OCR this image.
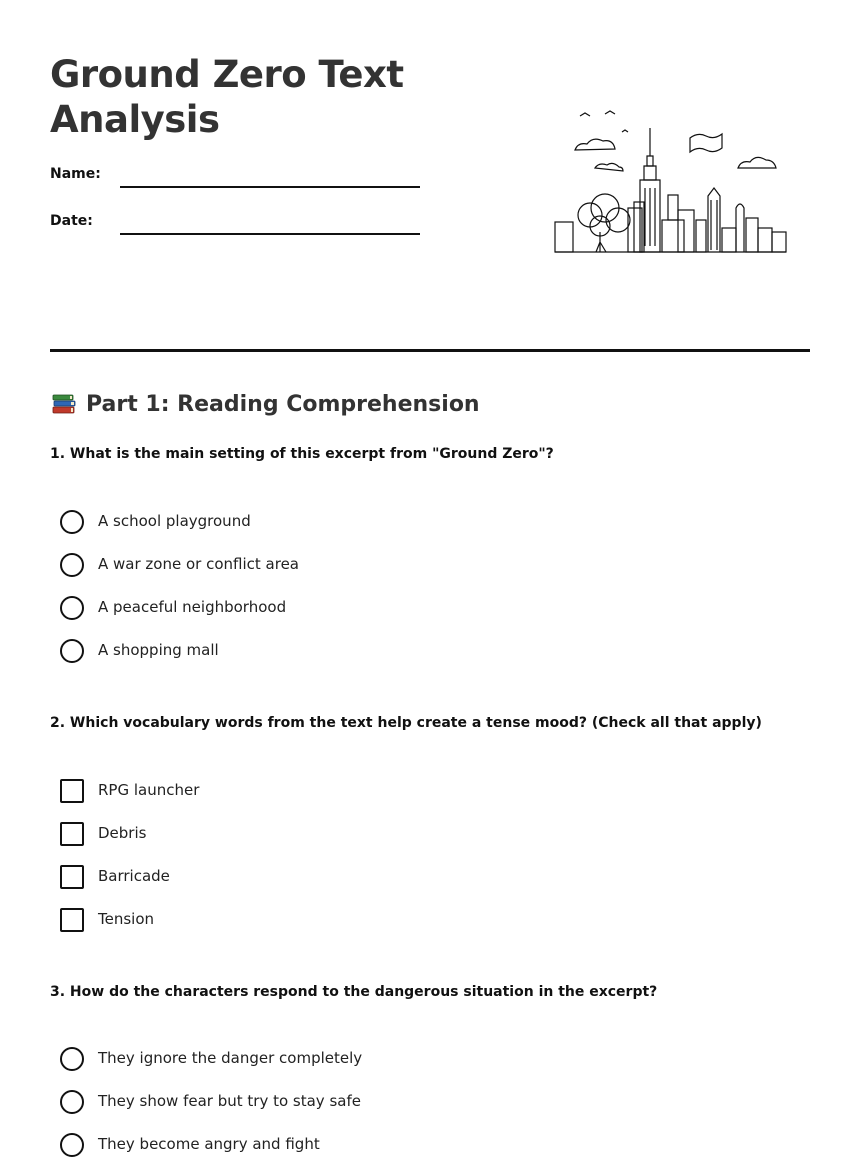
Ground Zero Text Analysis
Name:
Date:
Part 1: Reading Comprehension
1. What is the main setting of this excerpt from "Ground Zero"?
A school playground
A war zone or conflict area
A peaceful neighborhood
A shopping mall
2. Which vocabulary words from the text help create a tense mood? (Check all that apply)
RPG launcher
Debris
Barricade
Tension
3. How do the characters respond to the dangerous situation in the excerpt?
They ignore the danger completely
They show fear but try to stay safe
They become angry and fight
